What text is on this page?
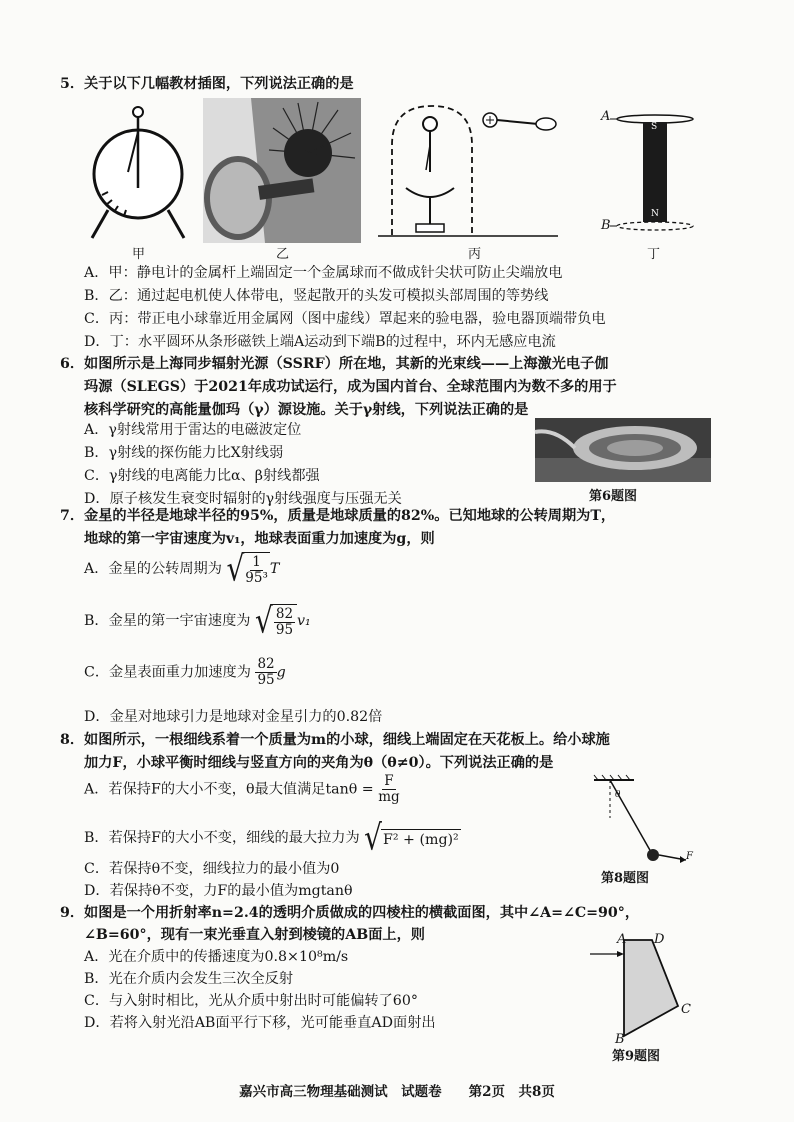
5．关于以下几幅教材插图，下列说法正确的是
甲	乙	丙
A
B
S
N
丁
A．甲：静电计的金属杆上端固定一个金属球而不做成针尖状可防止尖端放电
B．乙：通过起电机使人体带电，竖起散开的头发可模拟头部周围的等势线
C．丙：带正电小球靠近用金属网（图中虚线）罩起来的验电器，验电器顶端带负电
D．丁：水平圆环从条形磁铁上端A运动到下端B的过程中，环内无感应电流
6．如图所示是上海同步辐射光源（SSRF）所在地，其新的光束线——上海激光电子伽
玛源（SLEGS）于2021年成功试运行，成为国内首台、全球范围内为数不多的用于
核科学研究的高能量伽玛（γ）源设施。关于γ射线，下列说法正确的是
A．γ射线常用于雷达的电磁波定位
B．γ射线的探伤能力比X射线弱
C．γ射线的电离能力比α、β射线都强
D．原子核发生衰变时辐射的γ射线强度与压强无关	第6题图
7．金星的半径是地球半径的95%，质量是地球质量的82%。已知地球的公转周期为T，
地球的第一宇宙速度为v₁，地球表面重力加速度为g，则
A．金星的公转周期为 √ $\frac{1}{\text{95³}}$ T
B．金星的第一宇宙速度为 √ $\frac{82}{95} v_1$
C．金星表面重力加速度为 $\frac{82}{95}$ g
D．金星对地球引力是地球对金星引力的0.82倍
8．如图所示，一根细线系着一个质量为m的小球，细线上端固定在天花板上。给小球施
加力F，小球平衡时细线与竖直方向的夹角为θ（θ≠0）。下列说法正确的是
A．若保持F的大小不变，θ最大值满足$\tan\theta = \frac{F}{mg}$
B．若保持F的大小不变，细线的最大拉力为 √ F² + (mg)²
C．若保持θ不变，细线拉力的最小值为0
D．若保持θ不变，力F的最小值为mgtanθ
θ
F
第8题图
9．如图是一个用折射率n=2.4的透明介质做成的四棱柱的横截面图，其中∠A=∠C=90°，
∠B=60°，现有一束光垂直入射到棱镜的AB面上，则
A．光在介质中的传播速度为0.8×10⁸m/s
B．光在介质内会发生三次全反射
C．与入射时相比，光从介质中射出时可能偏转了60°
D．若将入射光沿AB面平行下移，光可能垂直AD面射出
A D
C
B
第9题图
嘉兴市高三物理基础测试　试题卷　　第2页　共8页
